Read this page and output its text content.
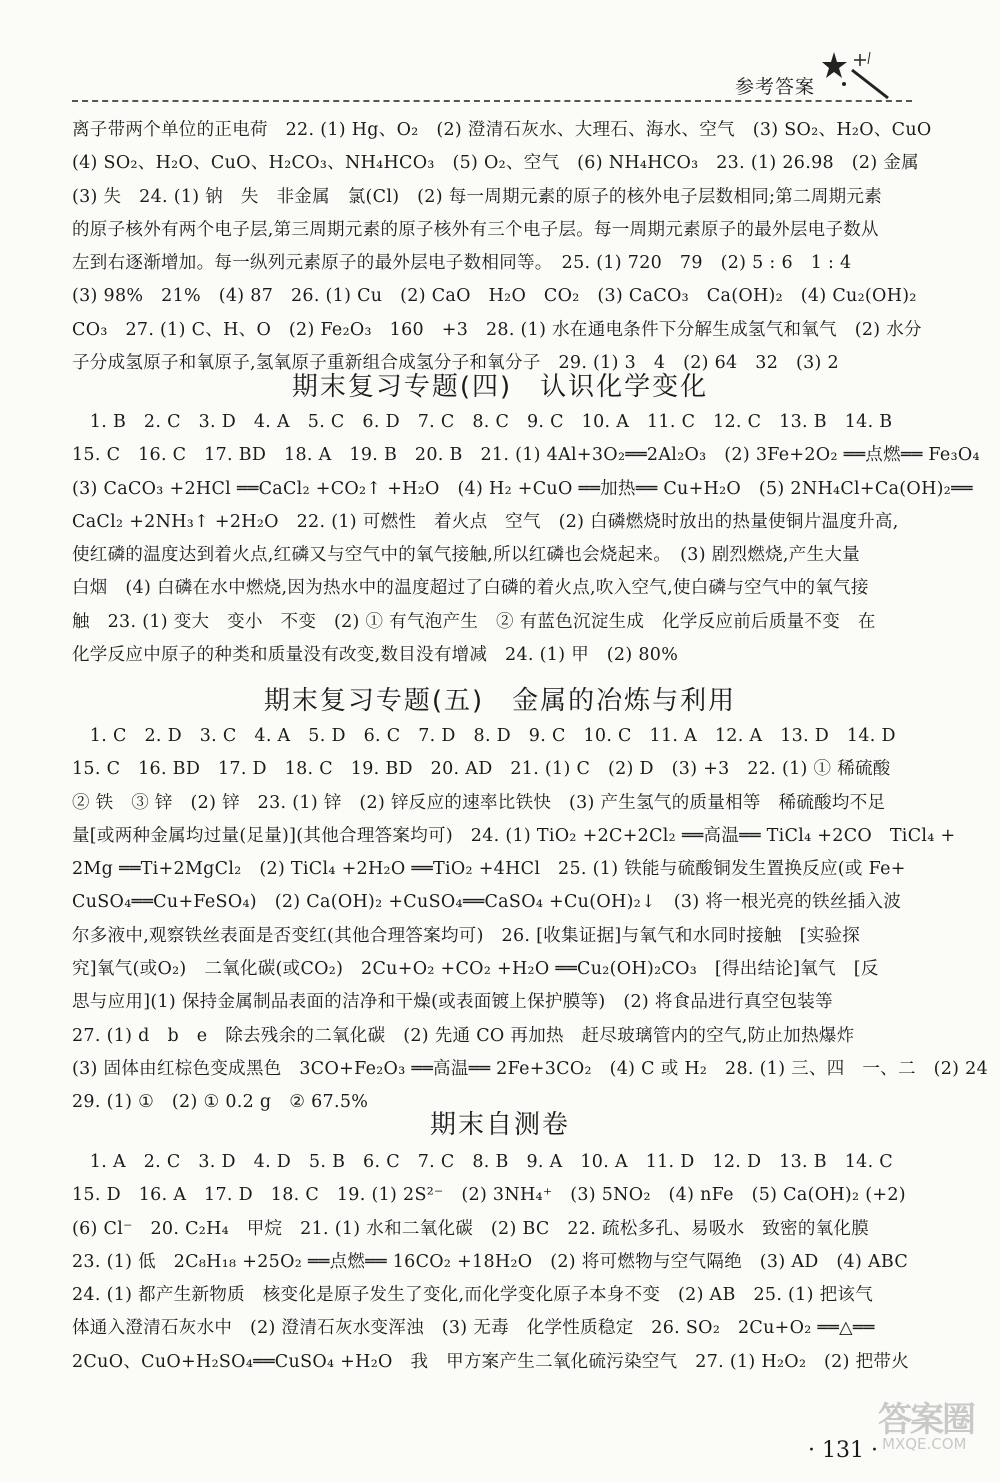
参考答案
离子带两个单位的正电荷　22. (1) Hg、O₂　(2) 澄清石灰水、大理石、海水、空气　(3) SO₂、H₂O、CuO
(4) SO₂、H₂O、CuO、H₂CO₃、NH₄HCO₃　(5) O₂、空气　(6) NH₄HCO₃　23. (1) 26.98　(2) 金属
(3) 失　24. (1) 钠　失　非金属　氯(Cl)　(2) 每一周期元素的原子的核外电子层数相同;第二周期元素
的原子核外有两个电子层,第三周期元素的原子核外有三个电子层。每一周期元素原子的最外层电子数从
左到右逐渐增加。每一纵列元素原子的最外层电子数相同等。　25. (1) 720　79　(2) 5 : 6　1 : 4
(3) 98%　21%　(4) 87　26. (1) Cu　(2) CaO　H₂O　CO₂　(3) CaCO₃　Ca(OH)₂　(4) Cu₂(OH)₂
CO₃　27. (1) C、H、O　(2) Fe₂O₃　160　+3　28. (1) 水在通电条件下分解生成氢气和氧气　(2) 水分
子分成氢原子和氧原子,氢氧原子重新组合成氢分子和氧分子　29. (1) 3　4　(2) 64　32　(3) 2
期末复习专题(四)　认识化学变化
　1. B　2. C　3. D　4. A　5. C　6. D　7. C　8. C　9. C　10. A　11. C　12. C　13. B　14. B
15. C　16. C　17. BD　18. A　19. B　20. B　21. (1) 4Al+3O₂══2Al₂O₃　(2) 3Fe+2O₂ ══点燃══ Fe₃O₄
(3) CaCO₃ +2HCl ══CaCl₂ +CO₂↑ +H₂O　(4) H₂ +CuO ══加热══ Cu+H₂O　(5) 2NH₄Cl+Ca(OH)₂══
CaCl₂ +2NH₃↑ +2H₂O　22. (1) 可燃性　着火点　空气　(2) 白磷燃烧时放出的热量使铜片温度升高,
使红磷的温度达到着火点,红磷又与空气中的氧气接触,所以红磷也会烧起来。　(3) 剧烈燃烧,产生大量
白烟　(4) 白磷在水中燃烧,因为热水中的温度超过了白磷的着火点,吹入空气,使白磷与空气中的氧气接
触　23. (1) 变大　变小　不变　(2) ① 有气泡产生　② 有蓝色沉淀生成　化学反应前后质量不变　在
化学反应中原子的种类和质量没有改变,数目没有增减　24. (1) 甲　(2) 80%
期末复习专题(五)　金属的冶炼与利用
　1. C　2. D　3. C　4. A　5. D　6. C　7. D　8. D　9. C　10. C　11. A　12. A　13. D　14. D
15. C　16. BD　17. D　18. C　19. BD　20. AD　21. (1) C　(2) D　(3) +3　22. (1) ① 稀硫酸
② 铁　③ 锌　(2) 锌　23. (1) 锌　(2) 锌反应的速率比铁快　(3) 产生氢气的质量相等　稀硫酸均不足
量[或两种金属均过量(足量)](其他合理答案均可)　24. (1) TiO₂ +2C+2Cl₂ ══高温══ TiCl₄ +2CO　TiCl₄ +
2Mg ══Ti+2MgCl₂　(2) TiCl₄ +2H₂O ══TiO₂ +4HCl　25. (1) 铁能与硫酸铜发生置换反应(或 Fe+
CuSO₄══Cu+FeSO₄)　(2) Ca(OH)₂ +CuSO₄══CaSO₄ +Cu(OH)₂↓　(3) 将一根光亮的铁丝插入波
尔多液中,观察铁丝表面是否变红(其他合理答案均可)　26. [收集证据]与氧气和水同时接触　[实验探
究]氧气(或O₂)　二氧化碳(或CO₂)　2Cu+O₂ +CO₂ +H₂O ══Cu₂(OH)₂CO₃　[得出结论]氧气　[反
思与应用](1) 保持金属制品表面的洁净和干燥(或表面镀上保护膜等)　(2) 将食品进行真空包装等
27. (1) d　b　e　除去残余的二氧化碳　(2) 先通 CO 再加热　赶尽玻璃管内的空气,防止加热爆炸
(3) 固体由红棕色变成黑色　3CO+Fe₂O₃ ══高温══ 2Fe+3CO₂　(4) C 或 H₂　28. (1) 三、四　一、二　(2) 24
29. (1) ①　(2) ① 0.2 g　② 67.5%
期末自测卷
　1. A　2. C　3. D　4. D　5. B　6. C　7. C　8. B　9. A　10. A　11. D　12. D　13. B　14. C
15. D　16. A　17. D　18. C　19. (1) 2S²⁻　(2) 3NH₄⁺　(3) 5NO₂　(4) nFe　(5) Ca(OH)₂ (+2)
(6) Cl⁻　20. C₂H₄　甲烷　21. (1) 水和二氧化碳　(2) BC　22. 疏松多孔、易吸水　致密的氧化膜
23. (1) 低　2C₈H₁₈ +25O₂ ══点燃══ 16CO₂ +18H₂O　(2) 将可燃物与空气隔绝　(3) AD　(4) ABC
24. (1) 都产生新物质　核变化是原子发生了变化,而化学变化原子本身不变　(2) AB　25. (1) 把该气
体通入澄清石灰水中　(2) 澄清石灰水变浑浊　(3) 无毒　化学性质稳定　26. SO₂　2Cu+O₂ ══△══
2CuO、CuO+H₂SO₄══CuSO₄ +H₂O　我　甲方案产生二氧化硫污染空气　27. (1) H₂O₂　(2) 把带火
· 131 ·
答案圈
MXQE.COM
